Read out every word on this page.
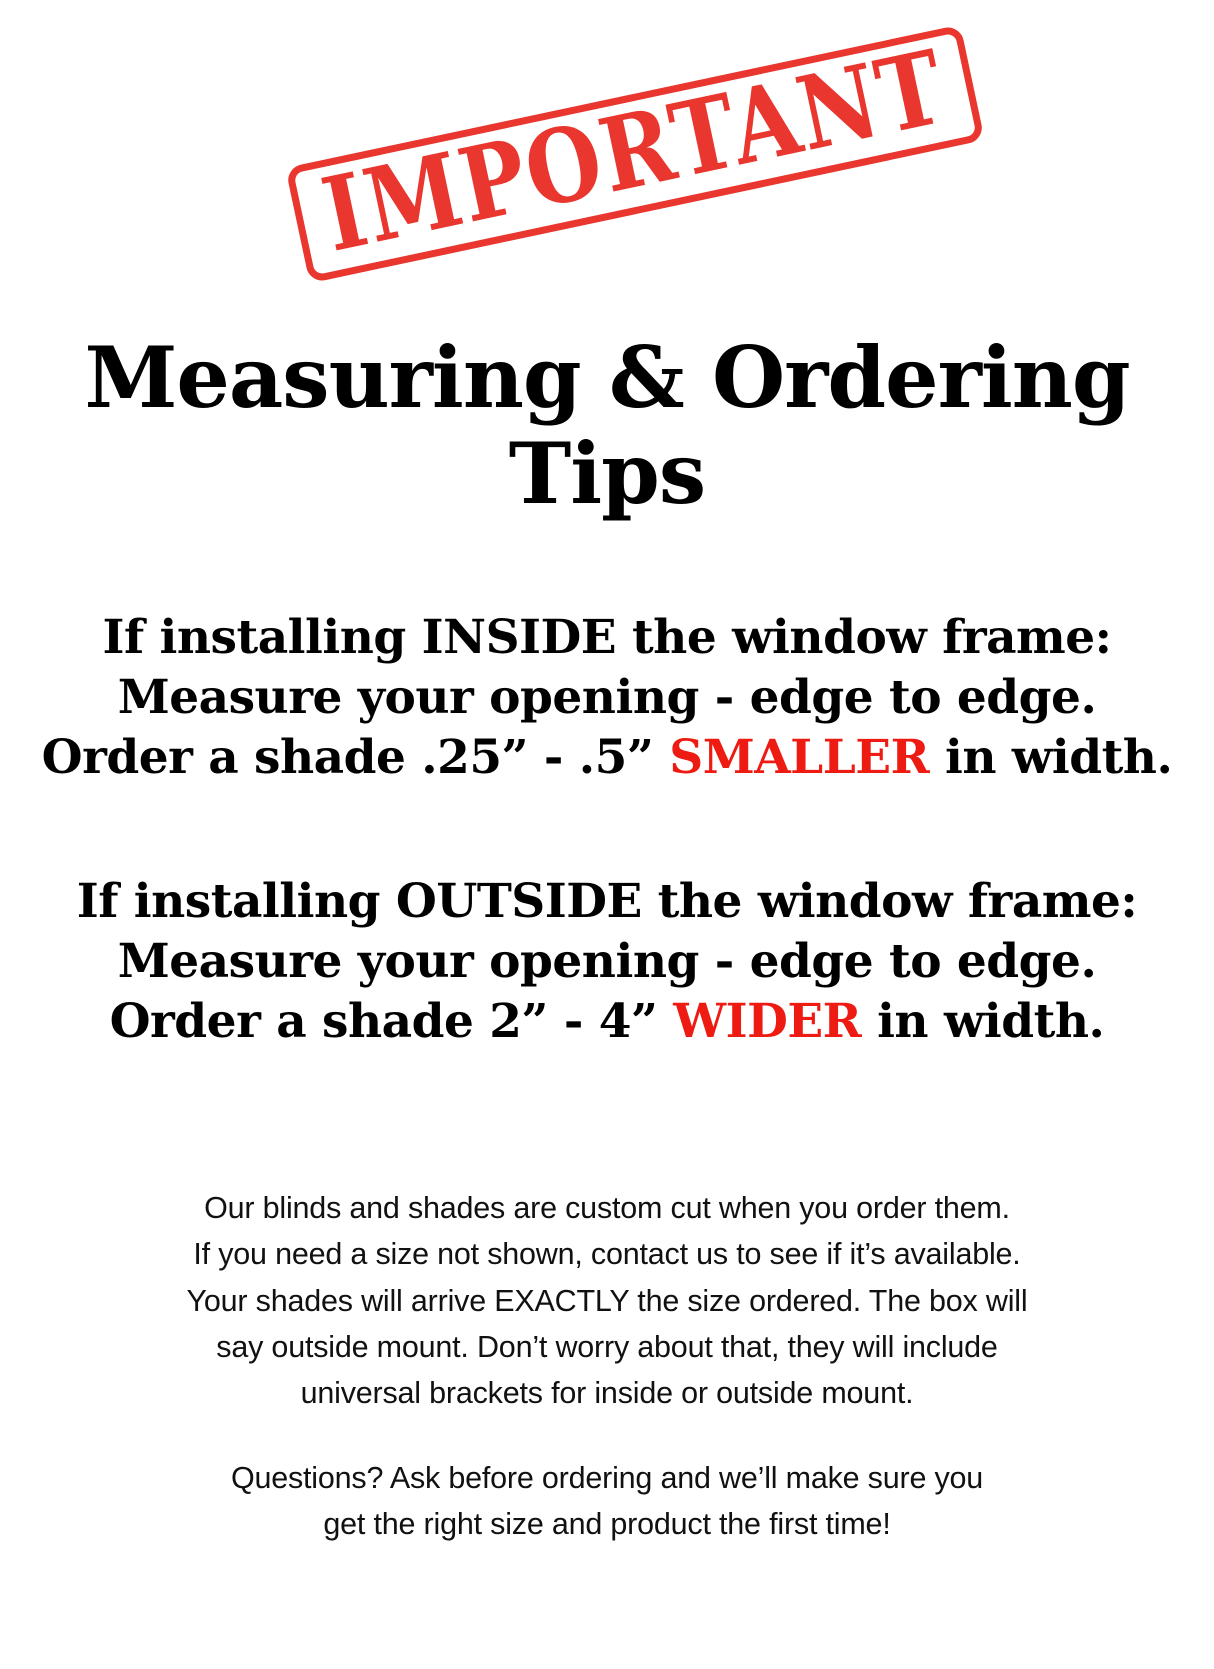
IMPORTANT
Measuring & Ordering
Tips
If installing INSIDE the window frame:
Measure your opening - edge to edge.
Order a shade .25” - .5” SMALLER in width.
If installing OUTSIDE the window frame:
Measure your opening - edge to edge.
Order a shade 2” - 4” WIDER in width.
Our blinds and shades are custom cut when you order them.
If you need a size not shown, contact us to see if it’s available.
Your shades will arrive EXACTLY the size ordered. The box will
say outside mount. Don’t worry about that, they will include
universal brackets for inside or outside mount.
Questions? Ask before ordering and we’ll make sure you
get the right size and product the first time!
